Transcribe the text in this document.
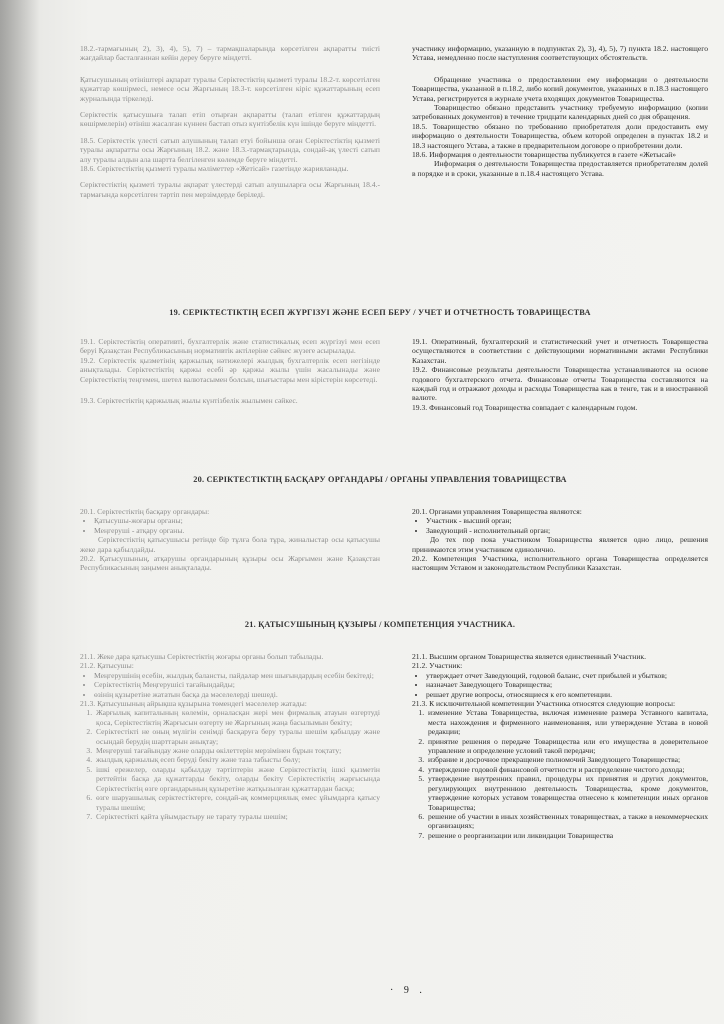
18.2.-тармағының 2), 3), 4), 5), 7) – тармақшаларында көрсетілген ақпаратты тиісті жағдайлар басталғаннан кейін дереу беруге міндетті.

Қатысушының өтініштері ақпарат туралы Серіктестіктің қызметі туралы 18.2-т. көрсетілген құжаттар көшірмесі, немесе осы Жарғының 18.3-т. көрсетілген кіріс құжаттарының есеп журналында тіркеледі.

Серіктестік қатысушыға талап етіп отырған ақпаратты (талап етілген құжаттардың көшірмелерін) өтініш жасалған күннен бастап отыз күнтізбелік күн ішінде беруге міндетті.

18.5. Серіктестік үлесті сатып алушының талап етуі бойынша оған Серіктестіктің қызметі туралы ақпаратты осы Жарғының 18.2. және 18.3.-тармақтарында, сондай-ақ үлесті сатып алу туралы алдын ала шартта белгіленген көлемде беруге міндетті.

18.6. Серіктестіктің қызметі туралы мәліметтер «Жетісай» газетінде жарияланады.

Серіктестіктің қызметі туралы ақпарат үлестерді сатып алушыларға осы Жарғының 18.4.-тармағында көрсетілген тәртіп пен мерзімдерде беріледі.

участнику информацию, указанную в подпунктах 2), 3), 4), 5), 7) пункта 18.2. настоящего Устава, немедленно после наступления соответствующих обстоятельств.

Обращение участника о предоставлении ему информации о деятельности Товарищества, указанной в п.18.2, либо копий документов, указанных в п.18.3 настоящего Устава, регистрируется в журнале учета входящих документов Товарищества.

Товарищество обязано представить участнику требуемую информацию (копии затребованных документов) в течение тридцати календарных дней со дня обращения.

18.5. Товарищество обязано по требованию приобретателя доли предоставить ему информацию о деятельности Товарищества, объем которой определен в пунктах 18.2 и 18.3 настоящего Устава, а также в предварительном договоре о приобретении доли.

18.6. Информация о деятельности товарищества публикуется в газете «Жетысай»

Информация о деятельности Товарищества предоставляется приобретателям долей в порядке и в сроки, указанные в п.18.4 настоящего Устава.

19. СЕРІКТЕСТІКТІҢ ЕСЕП ЖҮРГІЗУІ ЖӘНЕ ЕСЕП БЕРУ / УЧЕТ И ОТЧЕТНОСТЬ ТОВАРИЩЕСТВА

19.1. Серіктестіктің оперативті, бухгалтерлік және статистикалық есеп жүргізуі мен есеп беруі Қазақстан Республикасының нормативтік актілеріне сәйкес жүзеге асырылады.

19.2. Серіктестік қызметінің қаржылық нәтижелері жылдық бухгалтерлік есеп негізінде анықталады. Серіктестіктің қаржы есебі әр қаржы жылы үшін жасалынады және Серіктестіктің теңгемен, шетел валютасымен болсын, шығыстары мен кірістерін көрсетеді.

19.3. Серіктестіктің қаржылық жылы күнтізбелік жылымен сәйкес.

19.1. Оперативный, бухгалтерский и статистический учет и отчетность Товарищества осуществляются в соответствии с действующими нормативными актами Республики Казахстан.

19.2. Финансовые результаты деятельности Товарищества устанавливаются на основе годового бухгалтерского отчета. Финансовые отчеты Товарищества составляются на каждый год и отражают доходы и расходы Товарищества как в тенге, так и в иностранной валюте.

19.3. Финансовый год Товарищества совпадает с календарным годом.

20. СЕРІКТЕСТІКТІҢ БАСҚАРУ ОРГАНДАРЫ / ОРГАНЫ УПРАВЛЕНИЯ ТОВАРИЩЕСТВА

20.1. Серіктестіктің басқару органдары:

• Қатысушы-жоғары органы;
• Меңгеруші - атқару органы.

Серіктестіктің қатысушысы ретінде бір тұлға бола тұра, жиналыстар осы қатысушы жеке дара қабылдайды.

20.2. Қатысушының, атқарушы органдарының құзыры осы Жарғымен және Қазақстан Республикасының заңымен анықталады.

20.1. Органами управления Товарищества являются:

• Участник - высший орган;
• Заведующий - исполнительный орган;

До тех пор пока участником Товарищества является одно лицо, решения принимаются этим участником единолично.

20.2. Компетенция Участника, исполнительного органа Товарищества определяется настоящим Уставом и законодательством Республики Казахстан.

21. ҚАТЫСУШЫНЫҢ ҚҰЗЫРЫ / КОМПЕТЕНЦИЯ УЧАСТНИКА.

21.1. Жеке дара қатысушы Серіктестіктің жоғары органы болып табылады.

21.2. Қатысушы:

• Меңгерушінің есебін, жылдық балансты, пайдалар мен шығындардың есебін бекітеді;
• Серіктестіктің Меңгерушісі тағайындайды;
• өзінің құзыретіне жататын басқа да мәселелерді шешеді.

21.3. Қатысушының айрықша құзырына төмендегі мәселелер жатады:

1. Жарғылық капиталының көлемін, орналасқан жері мен фирмалық атауын өзгертуді қоса, Серіктестіктің Жарғысын өзгерту не Жарғының жаңа басылымын бекіту;
2. Серіктестікті не оның мүлігін сенімді басқаруға беру туралы шешім қабылдау және осындай берудің шарттарын анықтау;
3. Меңгеруші тағайындау және оларды өкілеттерін мерзімінен бұрын тоқтату;
4. жылдық қаржылық есеп беруді бекіту және таза табысты бөлу;
5. ішкі ережелер, оларды қабылдау тәртіптерін және Серіктестіктің ішкі қызметін реттейтін басқа да құжаттарды бекіту, оларды бекіту Серіктестіктің жарғысында Серіктестіктің өзге органдарының құзыретіне жатқызылған құжаттардан басқа;
6. өзге шаруашылық серіктестіктерге, сондай-ақ коммерциялық емес ұйымдарға қатысу туралы шешім;
7. Серіктестікті қайта ұйымдастыру не тарату туралы шешім;

21.1. Высшим органом Товарищества является единственный Участник.

21.2. Участник:

• утверждает отчет Заведующий, годовой баланс, счет прибылей и убытков;
• назначает Заведующего Товарищества;
• решает другие вопросы, относящиеся к его компетенции.

21.3. К исключительной компетенции Участника относятся следующие вопросы:

1. изменение Устава Товарищества, включая изменение размера Уставного капитала, места нахождения и фирменного наименования, или утверждение Устава в новой редакции;
2. принятие решения о передаче Товарищества или его имущества в доверительное управление и определение условий такой передачи;
3. избрание и досрочное прекращение полномочий Заведующего Товарищества;
4. утверждение годовой финансовой отчетности и распределение чистого дохода;
5. утверждение внутренних правил, процедуры их принятия и других документов, регулирующих внутреннюю деятельность Товарищества, кроме документов, утверждение которых уставом товарищества отнесено к компетенции иных органов Товарищества;
6. решение об участии в иных хозяйственных товариществах, а также в некоммерческих организациях;
7. решение о реорганизации или ликвидации Товарищества
· 9 .
